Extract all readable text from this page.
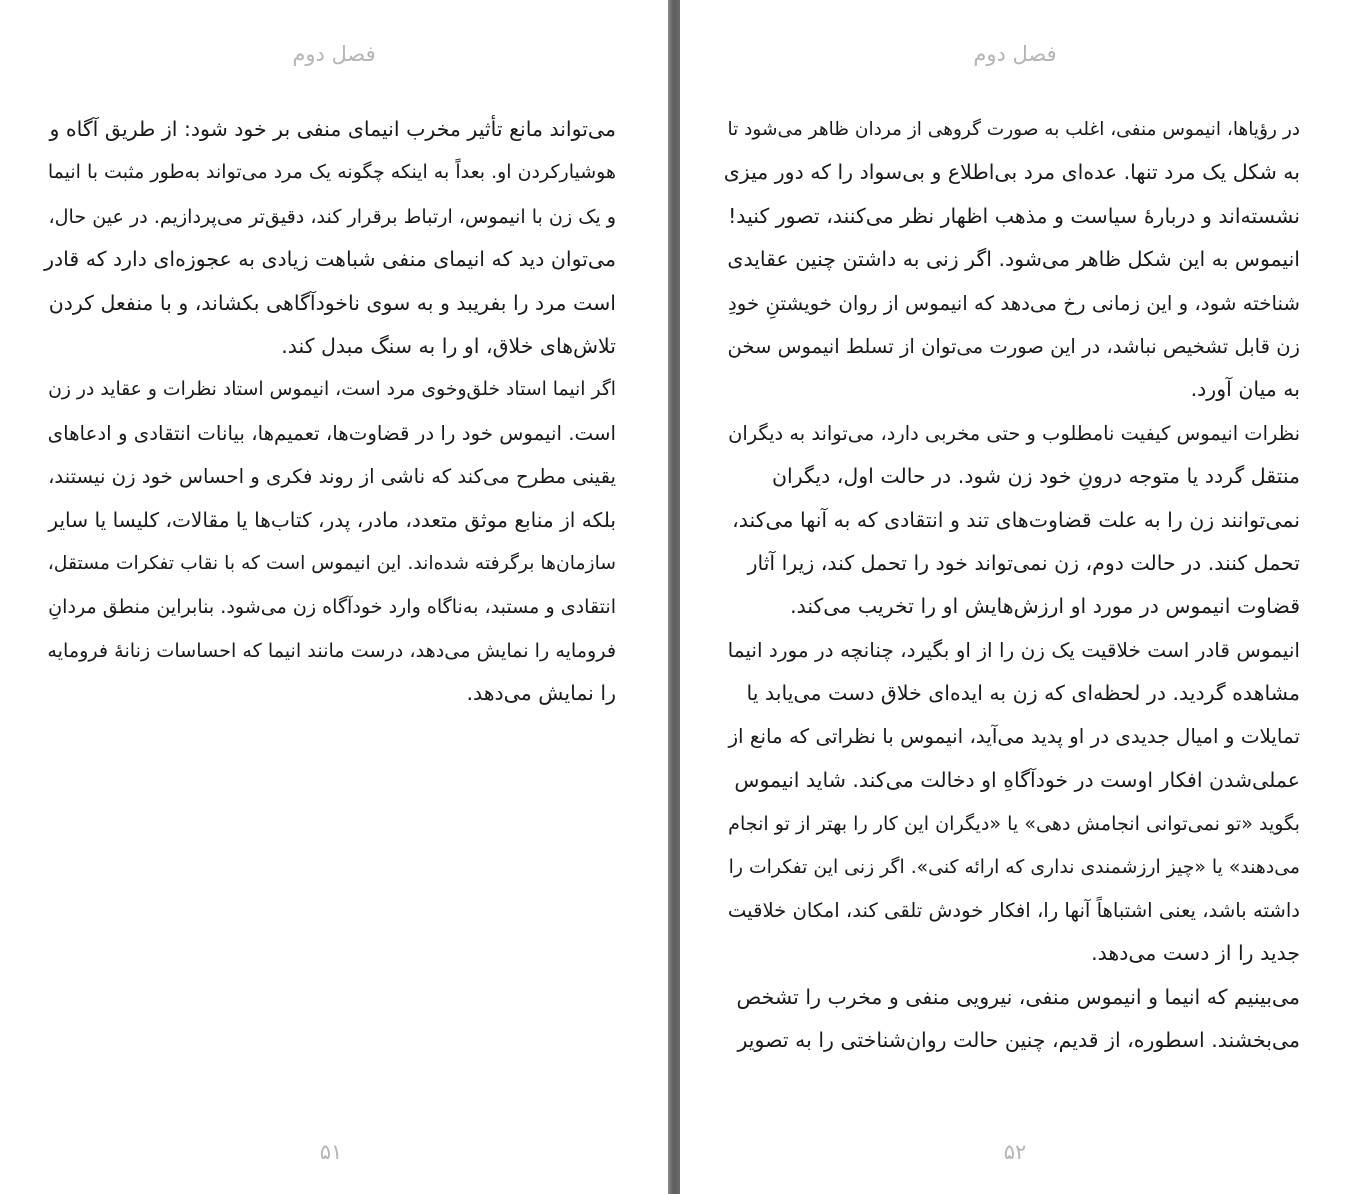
فصل دوم
می‌تواند مانع تأثیر مخرب انیمای منفی بر خود شود: از طریق آگاه و
هوشیارکردن او. بعداً به اینکه چگونه یک مرد می‌تواند به‌طور مثبت با انیما
و یک زن با انیموس، ارتباط برقرار کند، دقیق‌تر می‌پردازیم. در عین حال،
می‌توان دید که انیمای منفی شباهت زیادی به عجوزه‌ای دارد که قادر
است مرد را بفریبد و به سوی ناخودآگاهی بکشاند، و با منفعل کردن
تلاش‌های خلاق، او را به سنگ مبدل کند.
اگر انیما استاد خلق‌وخوی مرد است، انیموس استاد نظرات و عقاید در زن
است. انیموس خود را در قضاوت‌ها، تعمیم‌ها، بیانات انتقادی و ادعاهای
یقینی مطرح می‌کند که ناشی از روند فکری و احساس خود زن نیستند،
بلکه از منابع موثق متعدد، مادر، پدر، کتاب‌ها یا مقالات، کلیسا یا سایر
سازمان‌ها برگرفته شده‌اند. این انیموس است که با نقاب تفکرات مستقل،
انتقادی و مستبد، به‌ناگاه وارد خودآگاه زن می‌شود. بنابراین منطق مردانِ
فرومایه را نمایش می‌دهد، درست مانند انیما که احساسات زنانهٔ فرومایه
را نمایش می‌دهد.
۵۱
فصل دوم
در رؤیاها، انیموس منفی، اغلب به صورت گروهی از مردان ظاهر می‌شود تا
به شکل یک مرد تنها. عده‌ای مرد بی‌اطلاع و بی‌سواد را که دور میزی
نشسته‌اند و دربارهٔ سیاست و مذهب اظهار نظر می‌کنند، تصور کنید!
انیموس به این شکل ظاهر می‌شود. اگر زنی به داشتن چنین عقایدی
شناخته شود، و این زمانی رخ می‌دهد که انیموس از روان خویشتنِ خودِ
زن قابل تشخیص نباشد، در این صورت می‌توان از تسلط انیموس سخن
به میان آورد.
نظرات انیموس کیفیت نامطلوب و حتی مخربی دارد، می‌تواند به دیگران
منتقل گردد یا متوجه درونِ خود زن شود. در حالت اول، دیگران
نمی‌توانند زن را به علت قضاوت‌های تند و انتقادی که به آنها می‌کند،
تحمل کنند. در حالت دوم، زن نمی‌تواند خود را تحمل کند، زیرا آثار
قضاوت انیموس در مورد او ارزش‌هایش او را تخریب می‌کند.
انیموس قادر است خلاقیت یک زن را از او بگیرد، چنانچه در مورد انیما
مشاهده گردید. در لحظه‌ای که زن به ایده‌ای خلاق دست می‌یابد یا
تمایلات و امیال جدیدی در او پدید می‌آید، انیموس با نظراتی که مانع از
عملی‌شدن افکار اوست در خودآگاهِ او دخالت می‌کند. شاید انیموس
بگوید «تو نمی‌توانی انجامش دهی» یا «دیگران این کار را بهتر از تو انجام
می‌دهند» یا «چیز ارزشمندی نداری که ارائه کنی». اگر زنی این تفکرات را
داشته باشد، یعنی اشتباهاً آنها را، افکار خودش تلقی کند، امکان خلاقیت
جدید را از دست می‌دهد.
می‌بینیم که انیما و انیموس منفی، نیرویی منفی و مخرب را تشخص
می‌بخشند. اسطوره، از قدیم، چنین حالت روان‌شناختی را به تصویر
۵۲
